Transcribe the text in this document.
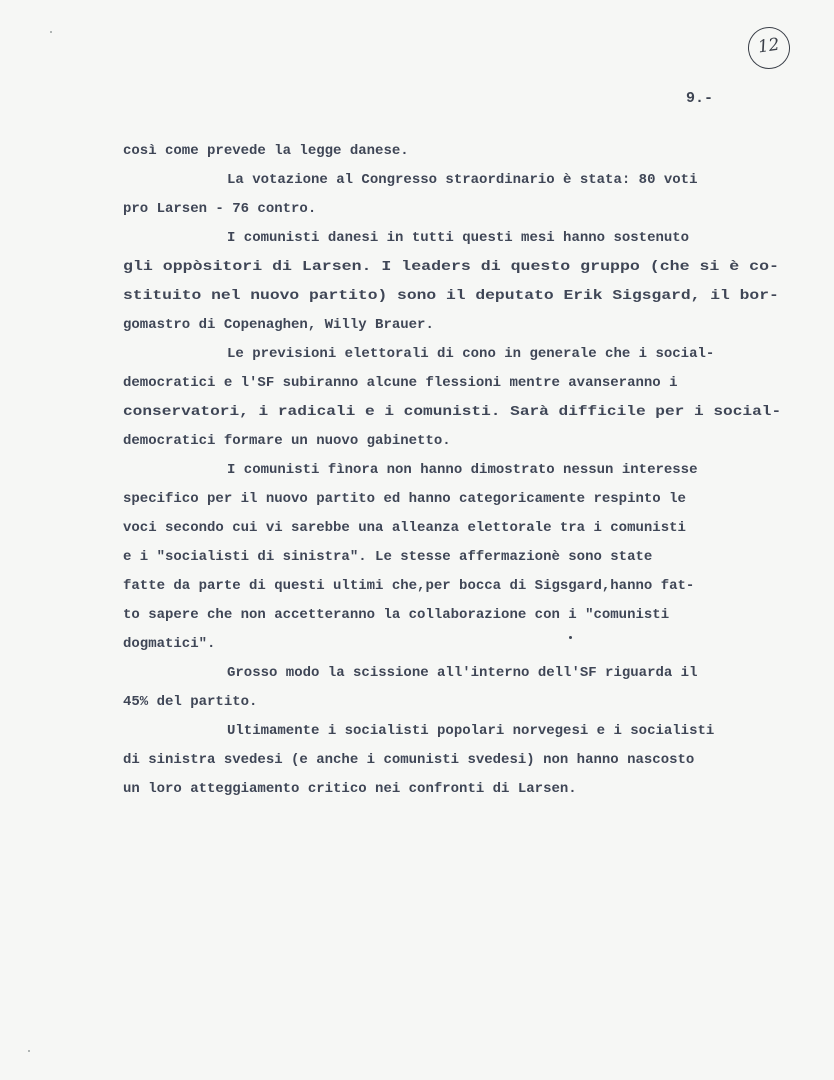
12
9.-
così come prevede la legge danese.
La votazione al Congresso straordinario è stata: 80 voti
pro Larsen - 76 contro.
I comunisti danesi in tutti questi mesi hanno sostenuto
gli oppòsitori di Larsen. I leaders di questo gruppo (che si è co-
stituito nel nuovo partito) sono il deputato Erik Sigsgard, il bor-
gomastro di Copenaghen, Willy Brauer.
Le previsioni elettorali di cono in generale che i social-
democratici e l'SF subiranno alcune flessioni mentre avanseranno i
conservatori, i radicali e i comunisti. Sarà difficile per i social-
democratici formare un nuovo gabinetto.
I comunisti fìnora non hanno dimostrato nessun interesse
specifico per il nuovo partito ed hanno categoricamente respinto le
voci secondo cui vi sarebbe una alleanza elettorale tra i comunisti
e i "socialisti di sinistra". Le stesse affermazionè sono state
fatte da parte di questi ultimi che,per bocca di Sigsgard,hanno fat-
to sapere che non accetteranno la collaborazione con i "comunisti
dogmatici".
Grosso modo la scissione all'interno dell'SF riguarda il
45% del partito.
Ultimamente i socialisti popolari norvegesi e i socialisti
di sinistra svedesi (e anche i comunisti svedesi) non hanno nascosto
un loro atteggiamento critico nei confronti di Larsen.
